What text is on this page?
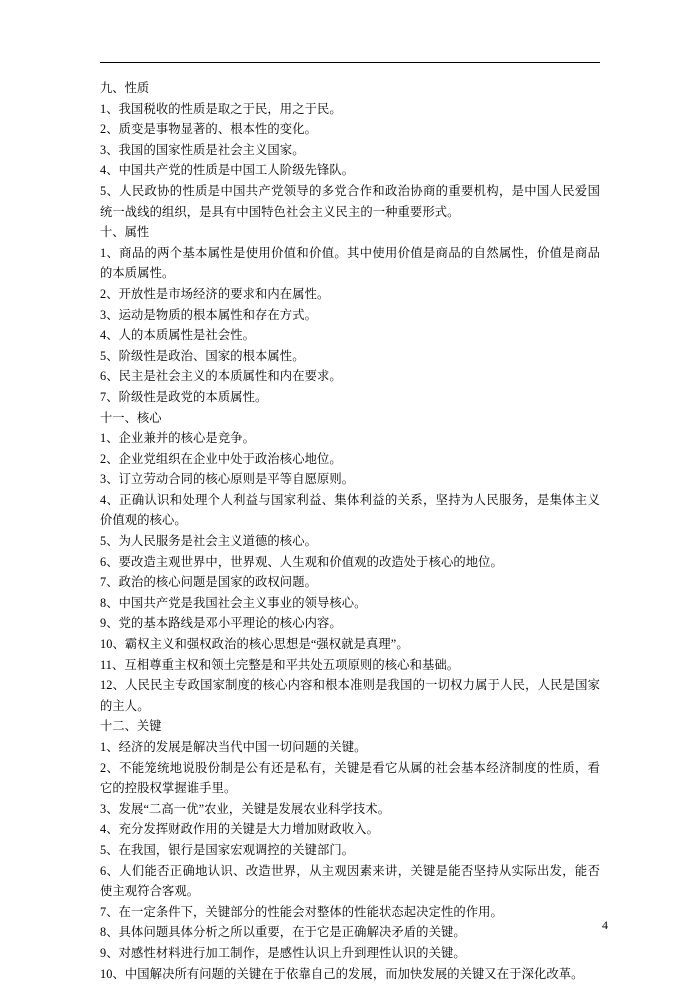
九、性质

1、我国税收的性质是取之于民，用之于民。

2、质变是事物显著的、根本性的变化。

3、我国的国家性质是社会主义国家。

4、中国共产党的性质是中国工人阶级先锋队。

5、人民政协的性质是中国共产党领导的多党合作和政治协商的重要机构，是中国人民爱国统一战线的组织，是具有中国特色社会主义民主的一种重要形式。

十、属性

1、商品的两个基本属性是使用价值和价值。其中使用价值是商品的自然属性，价值是商品的本质属性。

2、开放性是市场经济的要求和内在属性。

3、运动是物质的根本属性和存在方式。

4、人的本质属性是社会性。

5、阶级性是政治、国家的根本属性。

6、民主是社会主义的本质属性和内在要求。

7、阶级性是政党的本质属性。

十一、核心

1、企业兼并的核心是竞争。

2、企业党组织在企业中处于政治核心地位。

3、订立劳动合同的核心原则是平等自愿原则。

4、正确认识和处理个人利益与国家利益、集体利益的关系，坚持为人民服务，是集体主义价值观的核心。

5、为人民服务是社会主义道德的核心。

6、要改造主观世界中，世界观、人生观和价值观的改造处于核心的地位。

7、政治的核心问题是国家的政权问题。

8、中国共产党是我国社会主义事业的领导核心。

9、党的基本路线是邓小平理论的核心内容。

10、霸权主义和强权政治的核心思想是“强权就是真理”。

11、互相尊重主权和领土完整是和平共处五项原则的核心和基础。

12、人民民主专政国家制度的核心内容和根本准则是我国的一切权力属于人民，人民是国家的主人。

十二、关键

1、经济的发展是解决当代中国一切问题的关键。

2、不能笼统地说股份制是公有还是私有，关键是看它从属的社会基本经济制度的性质，看它的控股权掌握谁手里。

3、发展“二高一优”农业，关键是发展农业科学技术。

4、充分发挥财政作用的关键是大力增加财政收入。

5、在我国，银行是国家宏观调控的关键部门。

6、人们能否正确地认识、改造世界，从主观因素来讲，关键是能否坚持从实际出发，能否使主观符合客观。

7、在一定条件下，关键部分的性能会对整体的性能状态起决定性的作用。

8、具体问题具体分析之所以重要，在于它是正确解决矛盾的关键。

9、对感性材料进行加工制作，是感性认识上升到理性认识的关键。

10、中国解决所有问题的关键在于依靠自己的发展，而加快发展的关键又在于深化改革。

4
